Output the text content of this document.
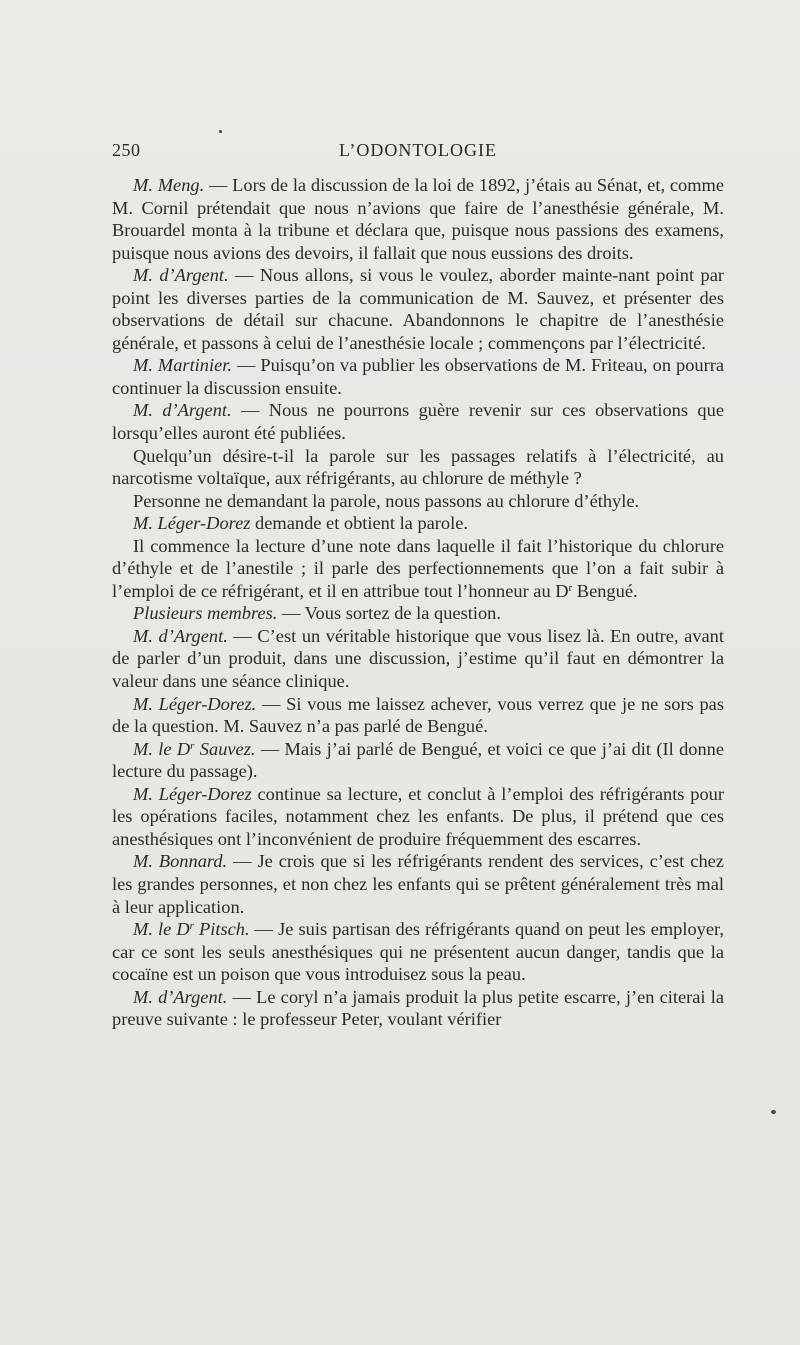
250	L’ODONTOLOGIE

M. Meng. — Lors de la discussion de la loi de 1892, j’étais au Sénat, et, comme M. Cornil prétendait que nous n’avions que faire de l’anesthésie générale, M. Brouardel monta à la tribune et déclara que, puisque nous passions des examens, puisque nous avions des devoirs, il fallait que nous eussions des droits.

M. d’Argent. — Nous allons, si vous le voulez, aborder mainte-nant point par point les diverses parties de la communication de M. Sauvez, et présenter des observations de détail sur chacune. Abandonnons le chapitre de l’anesthésie générale, et passons à celui de l’anesthésie locale ; commençons par l’électricité.

M. Martinier. — Puisqu’on va publier les observations de M. Friteau, on pourra continuer la discussion ensuite.

M. d’Argent. — Nous ne pourrons guère revenir sur ces observations que lorsqu’elles auront été publiées.

Quelqu’un désire-t-il la parole sur les passages relatifs à l’électricité, au narcotisme voltaïque, aux réfrigérants, au chlorure de méthyle ?

Personne ne demandant la parole, nous passons au chlorure d’éthyle.

M. Léger-Dorez demande et obtient la parole.

Il commence la lecture d’une note dans laquelle il fait l’historique du chlorure d’éthyle et de l’anestile ; il parle des perfectionnements que l’on a fait subir à l’emploi de ce réfrigérant, et il en attribue tout l’honneur au $D^r$ Bengué.

Plusieurs membres. — Vous sortez de la question.

M. d’Argent. — C’est un véritable historique que vous lisez là. En outre, avant de parler d’un produit, dans une discussion, j’estime qu’il faut en démontrer la valeur dans une séance clinique.

M. Léger-Dorez. — Si vous me laissez achever, vous verrez que je ne sors pas de la question. M. Sauvez n’a pas parlé de Bengué.

M. le $D^r$ Sauvez. — Mais j’ai parlé de Bengué, et voici ce que j’ai dit (Il donne lecture du passage).

M. Léger-Dorez continue sa lecture, et conclut à l’emploi des réfrigérants pour les opérations faciles, notamment chez les enfants. De plus, il prétend que ces anesthésiques ont l’inconvénient de produire fréquemment des escarres.

M. Bonnard. — Je crois que si les réfrigérants rendent des services, c’est chez les grandes personnes, et non chez les enfants qui se prêtent généralement très mal à leur application.

M. le $D^r$ Pitsch. — Je suis partisan des réfrigérants quand on peut les employer, car ce sont les seuls anesthésiques qui ne présentent aucun danger, tandis que la cocaïne est un poison que vous introduisez sous la peau.

M. d’Argent. — Le coryl n’a jamais produit la plus petite escarre, j’en citerai la preuve suivante : le professeur Peter, voulant vérifier
